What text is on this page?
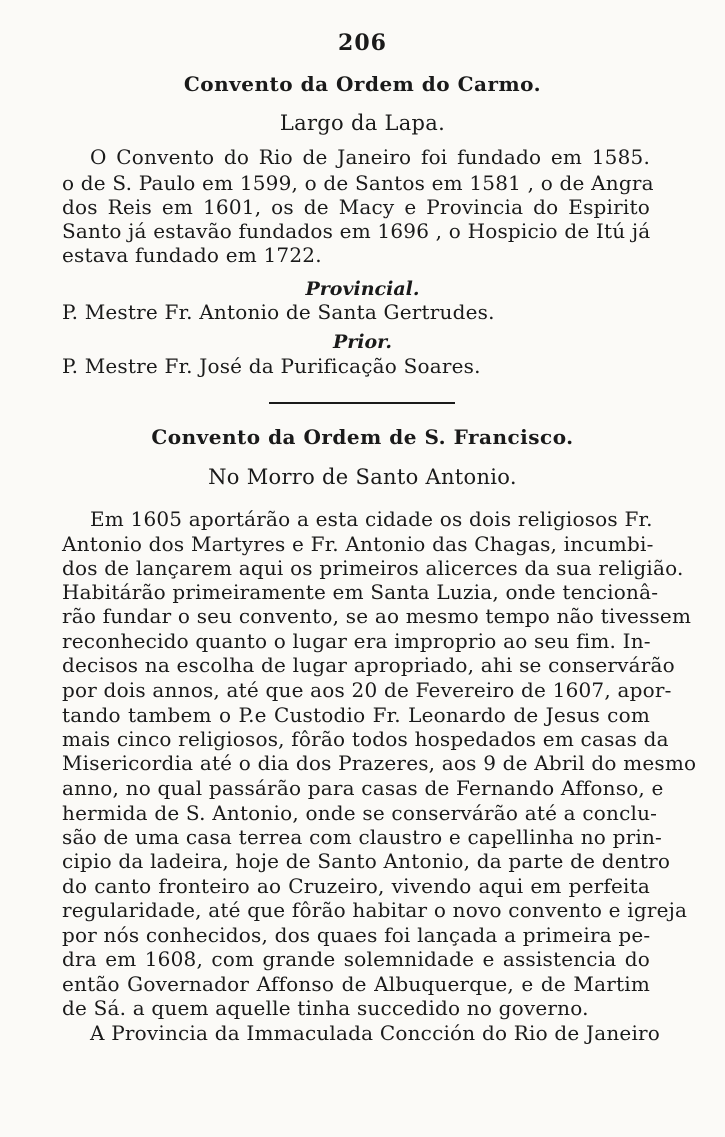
206
Convento da Ordem do Carmo.
Largo da Lapa.
O Convento do Rio de Janeiro foi fundado em 1585.
o de S. Paulo em 1599, o de Santos em 1581 , o de Angra
dos Reis em 1601, os de Macy e Provincia do Espirito
Santo já estavão fundados em 1696 , o Hospicio de Itú já
estava fundado em 1722.
Provincial.
P. Mestre Fr. Antonio de Santa Gertrudes.
Prior.
P. Mestre Fr. José da Purificação Soares.
Convento da Ordem de S. Francisco.
No Morro de Santo Antonio.
Em 1605 aportárão a esta cidade os dois religiosos Fr.
Antonio dos Martyres e Fr. Antonio das Chagas, incumbi-
dos de lançarem aqui os primeiros alicerces da sua religião.
Habitárão primeiramente em Santa Luzia, onde tencionâ-
rão fundar o seu convento, se ao mesmo tempo não tivessem
reconhecido quanto o lugar era improprio ao seu fim. In-
decisos na escolha de lugar apropriado, ahi se conservárão
por dois annos, até que aos 20 de Fevereiro de 1607, apor-
tando tambem o P.e Custodio Fr. Leonardo de Jesus com
mais cinco religiosos, fôrão todos hospedados em casas da
Misericordia até o dia dos Prazeres, aos 9 de Abril do mesmo
anno, no qual passárão para casas de Fernando Affonso, e
hermida de S. Antonio, onde se conservárão até a conclu-
são de uma casa terrea com claustro e capellinha no prin-
cipio da ladeira, hoje de Santo Antonio, da parte de dentro
do canto fronteiro ao Cruzeiro, vivendo aqui em perfeita
regularidade, até que fôrão habitar o novo convento e igreja
por nós conhecidos, dos quaes foi lançada a primeira pe-
dra em 1608, com grande solemnidade e assistencia do
então Governador Affonso de Albuquerque, e de Martim
de Sá. a quem aquelle tinha succedido no governo.
A Provincia da Immaculada Concción do Rio de Janeiro
